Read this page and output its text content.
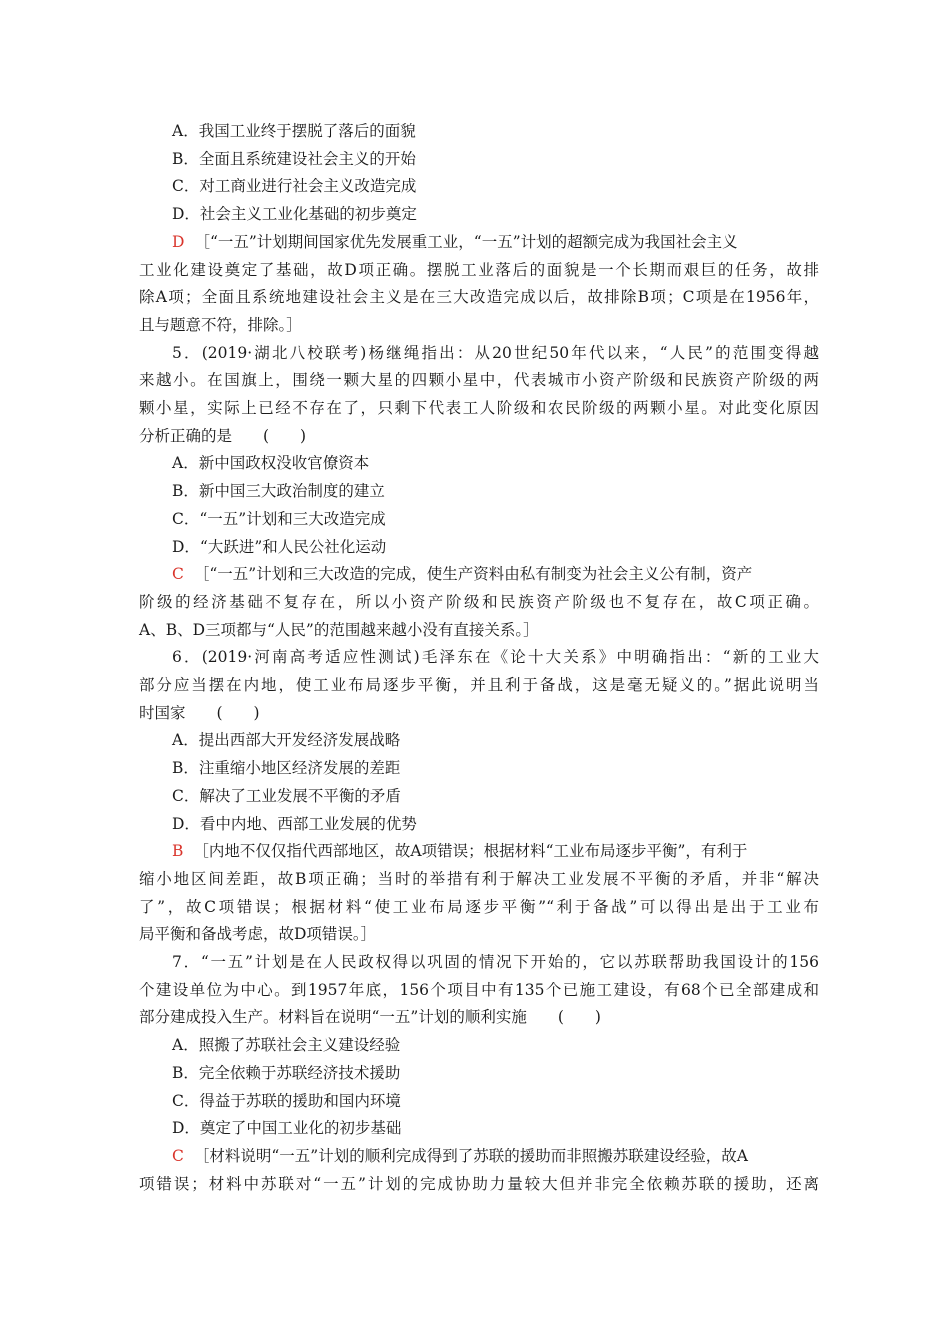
A．我国工业终于摆脱了落后的面貌
B．全面且系统建设社会主义的开始
C．对工商业进行社会主义改造完成
D．社会主义工业化基础的初步奠定
D ［“一五”计划期间国家优先发展重工业，“一五”计划的超额完成为我国社会主义
工业化建设奠定了基础，故D项正确。摆脱工业落后的面貌是一个长期而艰巨的任务，故排
除A项；全面且系统地建设社会主义是在三大改造完成以后，故排除B项；C项是在1956年，
且与题意不符，排除。］
5．(2019·湖北八校联考)杨继绳指出：从20世纪50年代以来，“人民”的范围变得越
来越小。在国旗上，围绕一颗大星的四颗小星中，代表城市小资产阶级和民族资产阶级的两
颗小星，实际上已经不存在了，只剩下代表工人阶级和农民阶级的两颗小星。对此变化原因
分析正确的是　　(　　)
A．新中国政权没收官僚资本
B．新中国三大政治制度的建立
C．“一五”计划和三大改造完成
D．“大跃进”和人民公社化运动
C ［“一五”计划和三大改造的完成，使生产资料由私有制变为社会主义公有制，资产
阶级的经济基础不复存在，所以小资产阶级和民族资产阶级也不复存在，故C项正确。
A、B、D三项都与“人民”的范围越来越小没有直接关系。］
6．(2019·河南高考适应性测试)毛泽东在《论十大关系》中明确指出：“新的工业大
部分应当摆在内地，使工业布局逐步平衡，并且利于备战，这是毫无疑义的。”据此说明当
时国家　　(　　)
A．提出西部大开发经济发展战略
B．注重缩小地区经济发展的差距
C．解决了工业发展不平衡的矛盾
D．看中内地、西部工业发展的优势
B ［内地不仅仅指代西部地区，故A项错误；根据材料“工业布局逐步平衡”，有利于
缩小地区间差距，故B项正确；当时的举措有利于解决工业发展不平衡的矛盾，并非“解决
了”，故C项错误；根据材料“使工业布局逐步平衡”“利于备战”可以得出是出于工业布
局平衡和备战考虑，故D项错误。］
7．“一五”计划是在人民政权得以巩固的情况下开始的，它以苏联帮助我国设计的156
个建设单位为中心。到1957年底，156个项目中有135个已施工建设，有68个已全部建成和
部分建成投入生产。材料旨在说明“一五”计划的顺利实施　　(　　)
A．照搬了苏联社会主义建设经验
B．完全依赖于苏联经济技术援助
C．得益于苏联的援助和国内环境
D．奠定了中国工业化的初步基础
C ［材料说明“一五”计划的顺利完成得到了苏联的援助而非照搬苏联建设经验，故A
项错误；材料中苏联对“一五”计划的完成协助力量较大但并非完全依赖苏联的援助，还离
